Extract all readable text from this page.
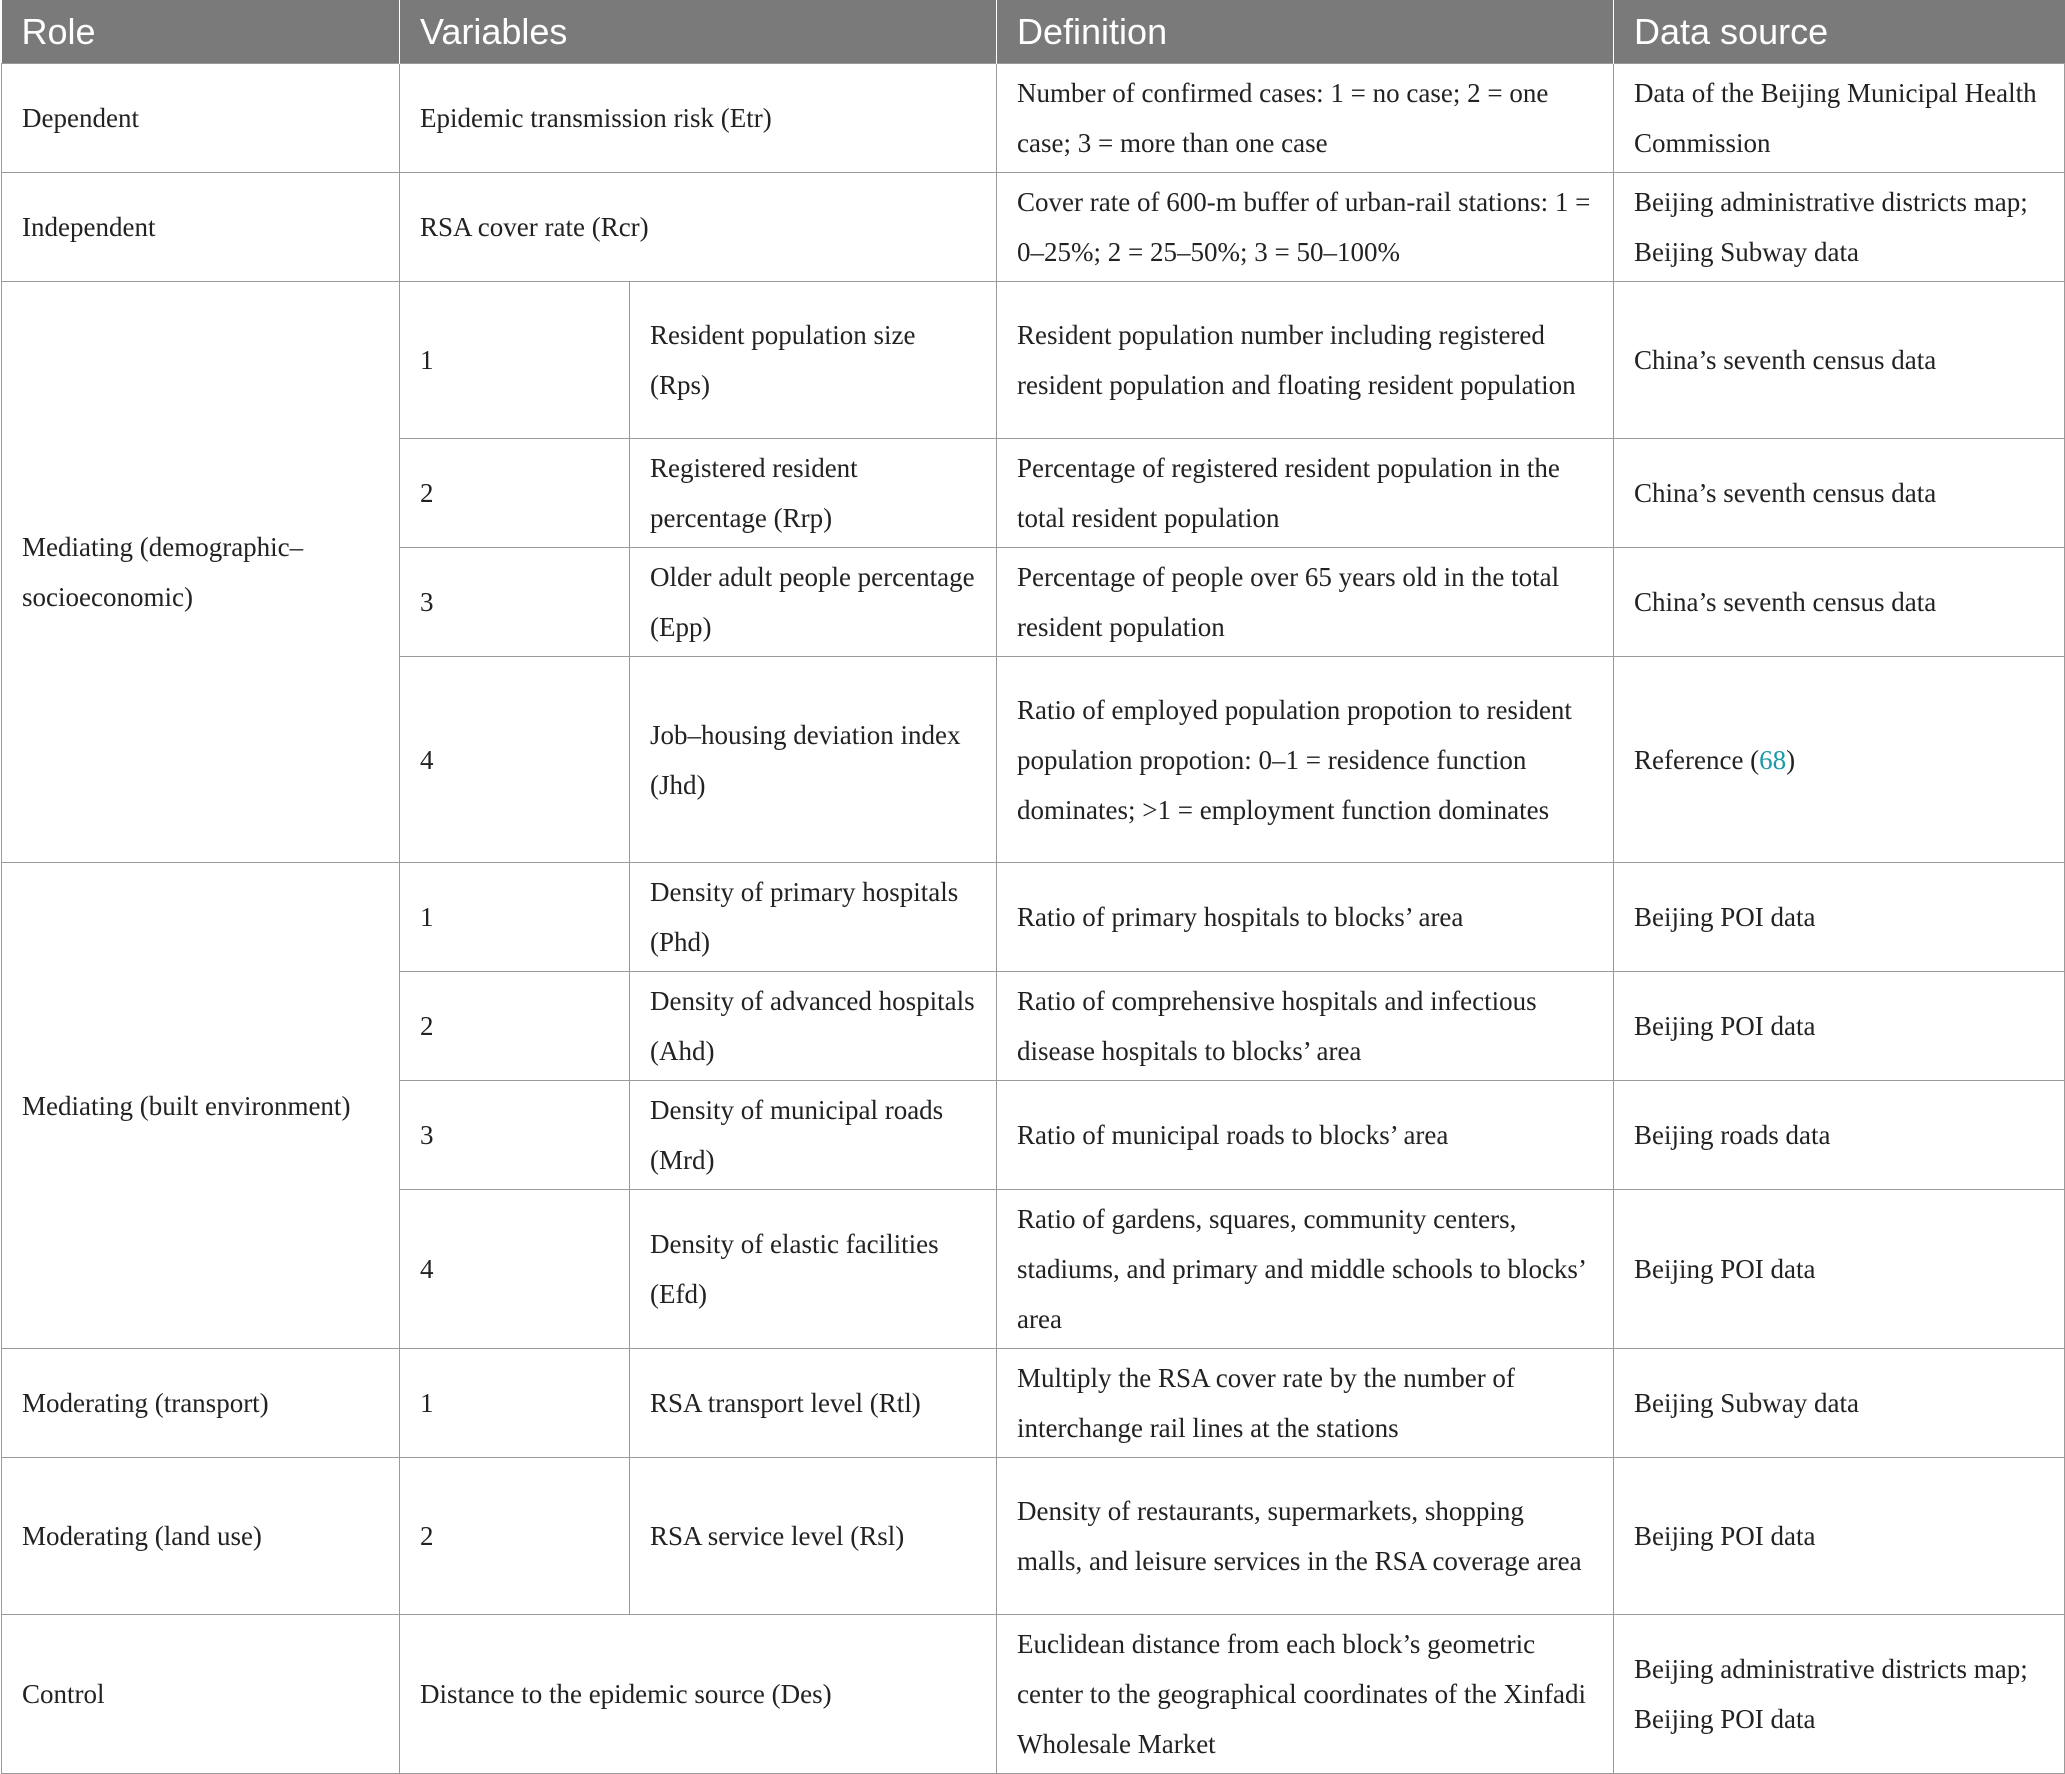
Role	Variables		Definition	Data source
Dependent	Epidemic transmission risk (Etr)		Number of confirmed cases: 1 = no case; 2 = one case; 3 = more than one case	Data of the Beijing Municipal Health Commission
Independent	RSA cover rate (Rcr)		Cover rate of 600-m buffer of urban-rail stations: 1 = 0–25%; 2 = 25–50%; 3 = 50–100%	Beijing administrative districts map; Beijing Subway data
Mediating (demographic–socioeconomic)	1	Resident population size (Rps)	Resident population number including registered resident population and floating resident population	China’s seventh census data
	2	Registered resident percentage (Rrp)	Percentage of registered resident population in the total resident population	China’s seventh census data
	3	Older adult people percentage (Epp)	Percentage of people over 65 years old in the total resident population	China’s seventh census data
	4	Job–housing deviation index (Jhd)	Ratio of employed population propotion to resident population propotion: 0–1 = residence function dominates; >1 = employment function dominates	Reference (68)
Mediating (built environment)	1	Density of primary hospitals (Phd)	Ratio of primary hospitals to blocks’ area	Beijing POI data
	2	Density of advanced hospitals (Ahd)	Ratio of comprehensive hospitals and infectious disease hospitals to blocks’ area	Beijing POI data
	3	Density of municipal roads (Mrd)	Ratio of municipal roads to blocks’ area	Beijing roads data
	4	Density of elastic facilities (Efd)	Ratio of gardens, squares, community centers, stadiums, and primary and middle schools to blocks’ area	Beijing POI data
Moderating (transport)	1	RSA transport level (Rtl)	Multiply the RSA cover rate by the number of interchange rail lines at the stations	Beijing Subway data
Moderating (land use)	2	RSA service level (Rsl)	Density of restaurants, supermarkets, shopping malls, and leisure services in the RSA coverage area	Beijing POI data
Control	Distance to the epidemic source (Des)		Euclidean distance from each block’s geometric center to the geographical coordinates of the Xinfadi Wholesale Market	Beijing administrative districts map; Beijing POI data
